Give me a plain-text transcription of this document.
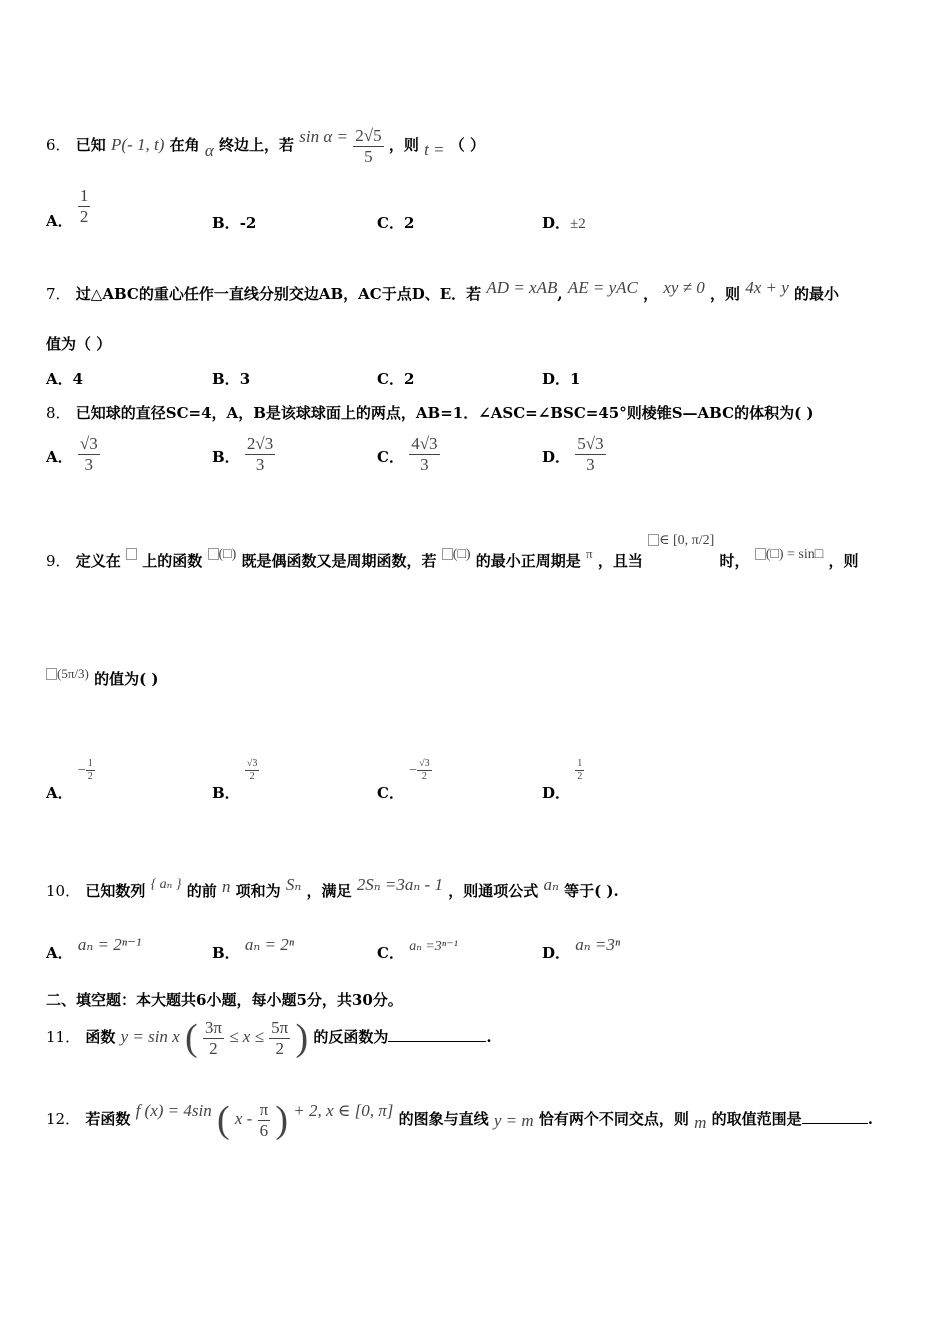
6． 已知 P(- 1, t) 在角 α 终边上，若 $\sin \alpha = \frac{2√5}{5}$ ，则 t = （ ）
A． $\frac{1}{2}$	B．-2	C．2	D．±2
7． 过△ABC的重心任作一直线分别交边AB，AC于点D、E．若 AD = xAB, AE = yAC ， xy ≠ 0 ，则 4x + y 的最小
值为（ ）
A．4	B．3	C．2	D．1
8． 已知球的直径SC=4，A，B是该球球面上的两点，AB=1．∠ASC=∠BSC=45°则棱锥S—ABC的体积为( )
A． $\frac{√3}{3}$	B． $\frac{2√3}{3}$	C． $\frac{4√3}{3}$	D． $\frac{5√3}{3}$
9． 定义在 上的函数 (□) 既是偶函数又是周期函数，若 (□) 的最小正周期是 π ，且当 ∈ [0, π/2] 时， (□) = sin□ ，则
(5π/3) 的值为( )
A． − $\frac{1}{2}$
B．
$\frac{√3}{2}$
C． − $\frac{√3}{2}$
D．
$\frac{1}{2}$
10． 已知数列 { aₙ } 的前 n 项和为 Sₙ ，满足 2Sₙ =3aₙ - 1 ，则通项公式 aₙ 等于( ).
A． aₙ = 2ⁿ⁻¹	B． aₙ = 2ⁿ	C． aₙ =3ⁿ⁻¹	D． aₙ =3ⁿ
二、填空题：本大题共6小题，每小题5分，共30分。
11． 函数 y = sin x ( $\frac{3\pi}{2} \le x \le \frac{5\pi}{2}$ ) 的反函数为	.
12． 若函数 f (x) = 4sin ( x - $\frac{\pi}{6}$ ) + 2, x ∈ [0, π] 的图象与直线 y = m 恰有两个不同交点，则 m 的取值范围是	.
